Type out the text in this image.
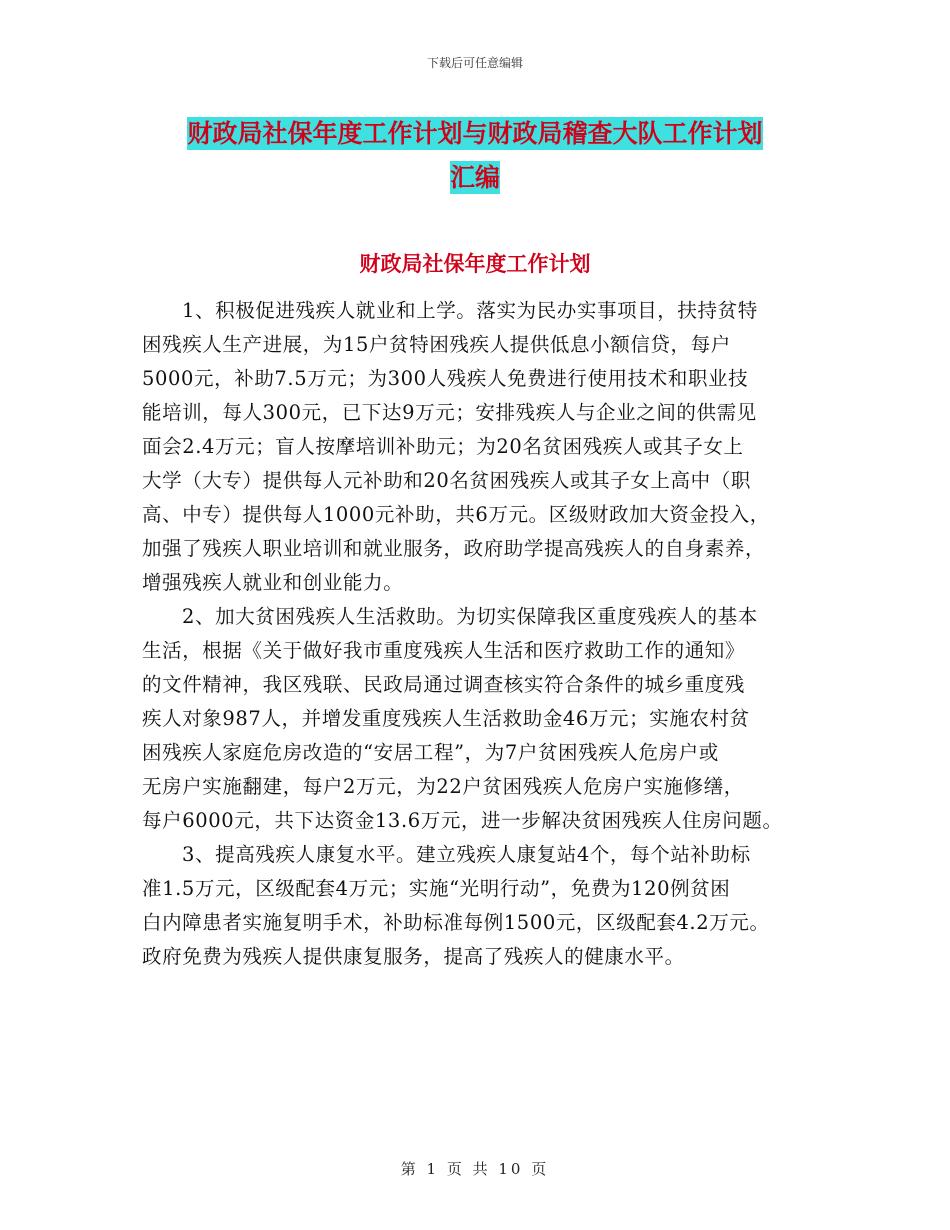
下载后可任意编辑
财政局社保年度工作计划与财政局稽查大队工作计划
汇编
财政局社保年度工作计划
1、积极促进残疾人就业和上学。落实为民办实事项目，扶持贫特
困残疾人生产进展，为15户贫特困残疾人提供低息小额信贷，每户
5000元，补助7.5万元；为300人残疾人免费进行使用技术和职业技
能培训，每人300元，已下达9万元；安排残疾人与企业之间的供需见
面会2.4万元；盲人按摩培训补助元；为20名贫困残疾人或其子女上
大学（大专）提供每人元补助和20名贫困残疾人或其子女上高中（职
高、中专）提供每人1000元补助，共6万元。区级财政加大资金投入，
加强了残疾人职业培训和就业服务，政府助学提高残疾人的自身素养，
增强残疾人就业和创业能力。
2、加大贫困残疾人生活救助。为切实保障我区重度残疾人的基本
生活，根据《关于做好我市重度残疾人生活和医疗救助工作的通知》
的文件精神，我区残联、民政局通过调查核实符合条件的城乡重度残
疾人对象987人，并增发重度残疾人生活救助金46万元；实施农村贫
困残疾人家庭危房改造的“安居工程”，为7户贫困残疾人危房户或
无房户实施翻建，每户2万元，为22户贫困残疾人危房户实施修缮，
每户6000元，共下达资金13.6万元，进一步解决贫困残疾人住房问题。
3、提高残疾人康复水平。建立残疾人康复站4个，每个站补助标
准1.5万元，区级配套4万元；实施“光明行动”，免费为120例贫困
白内障患者实施复明手术，补助标准每例1500元，区级配套4.2万元。
政府免费为残疾人提供康复服务，提高了残疾人的健康水平。
第 1 页 共 10 页
